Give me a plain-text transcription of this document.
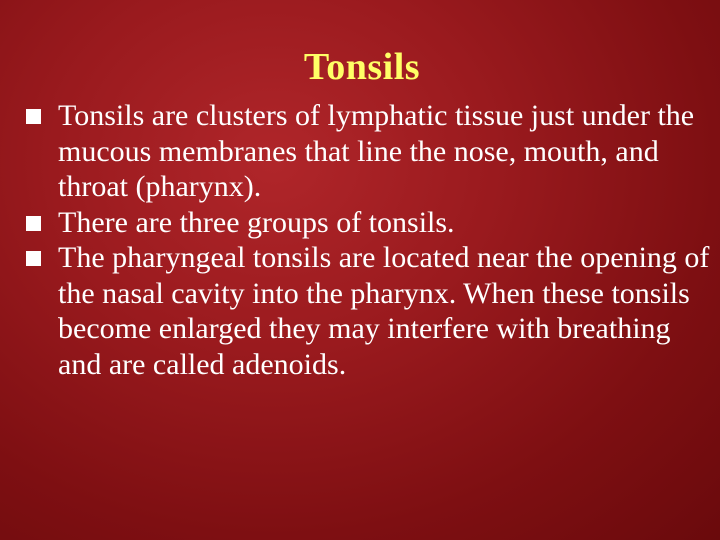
Tonsils
Tonsils are clusters of lymphatic tissue just under the mucous membranes that line the nose, mouth, and throat (pharynx).
There are three groups of tonsils.
The pharyngeal tonsils are located near the opening of the nasal cavity into the pharynx. When these tonsils become enlarged they may interfere with breathing and are called adenoids.
